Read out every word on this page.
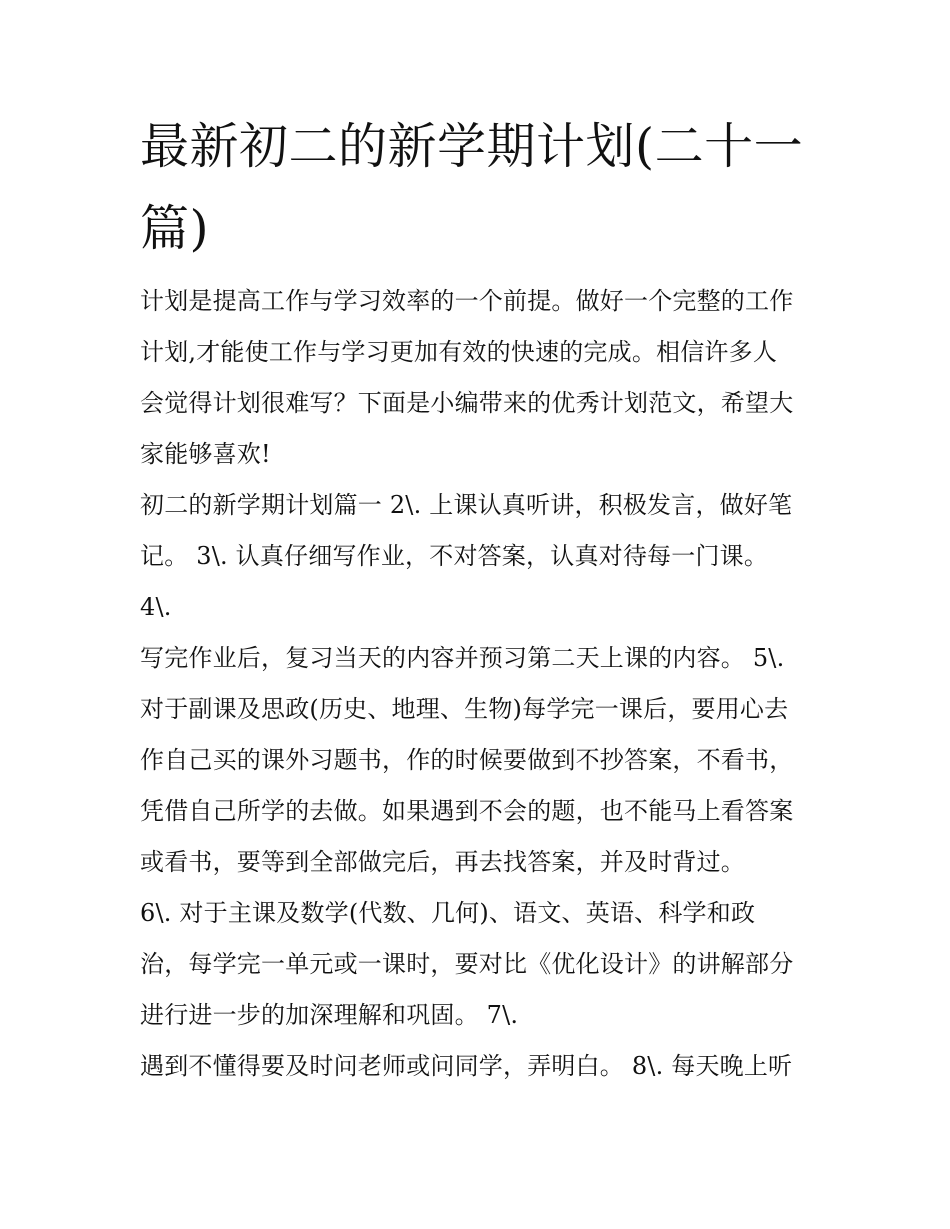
最新初二的新学期计划(二十一
篇)
计划是提高工作与学习效率的一个前提。做好一个完整的工作
计划,才能使工作与学习更加有效的快速的完成。相信许多人
会觉得计划很难写？下面是小编带来的优秀计划范文，希望大
家能够喜欢!
初二的新学期计划篇一 2\. 上课认真听讲，积极发言，做好笔
记。 3\. 认真仔细写作业，不对答案，认真对待每一门课。
4\.
写完作业后，复习当天的内容并预习第二天上课的内容。 5\.
对于副课及思政(历史、地理、生物)每学完一课后，要用心去
作自己买的课外习题书，作的时候要做到不抄答案，不看书，
凭借自己所学的去做。如果遇到不会的题，也不能马上看答案
或看书，要等到全部做完后，再去找答案，并及时背过。
6\. 对于主课及数学(代数、几何)、语文、英语、科学和政
治，每学完一单元或一课时，要对比《优化设计》的讲解部分
进行进一步的加深理解和巩固。 7\.
遇到不懂得要及时问老师或问同学，弄明白。 8\. 每天晚上听
